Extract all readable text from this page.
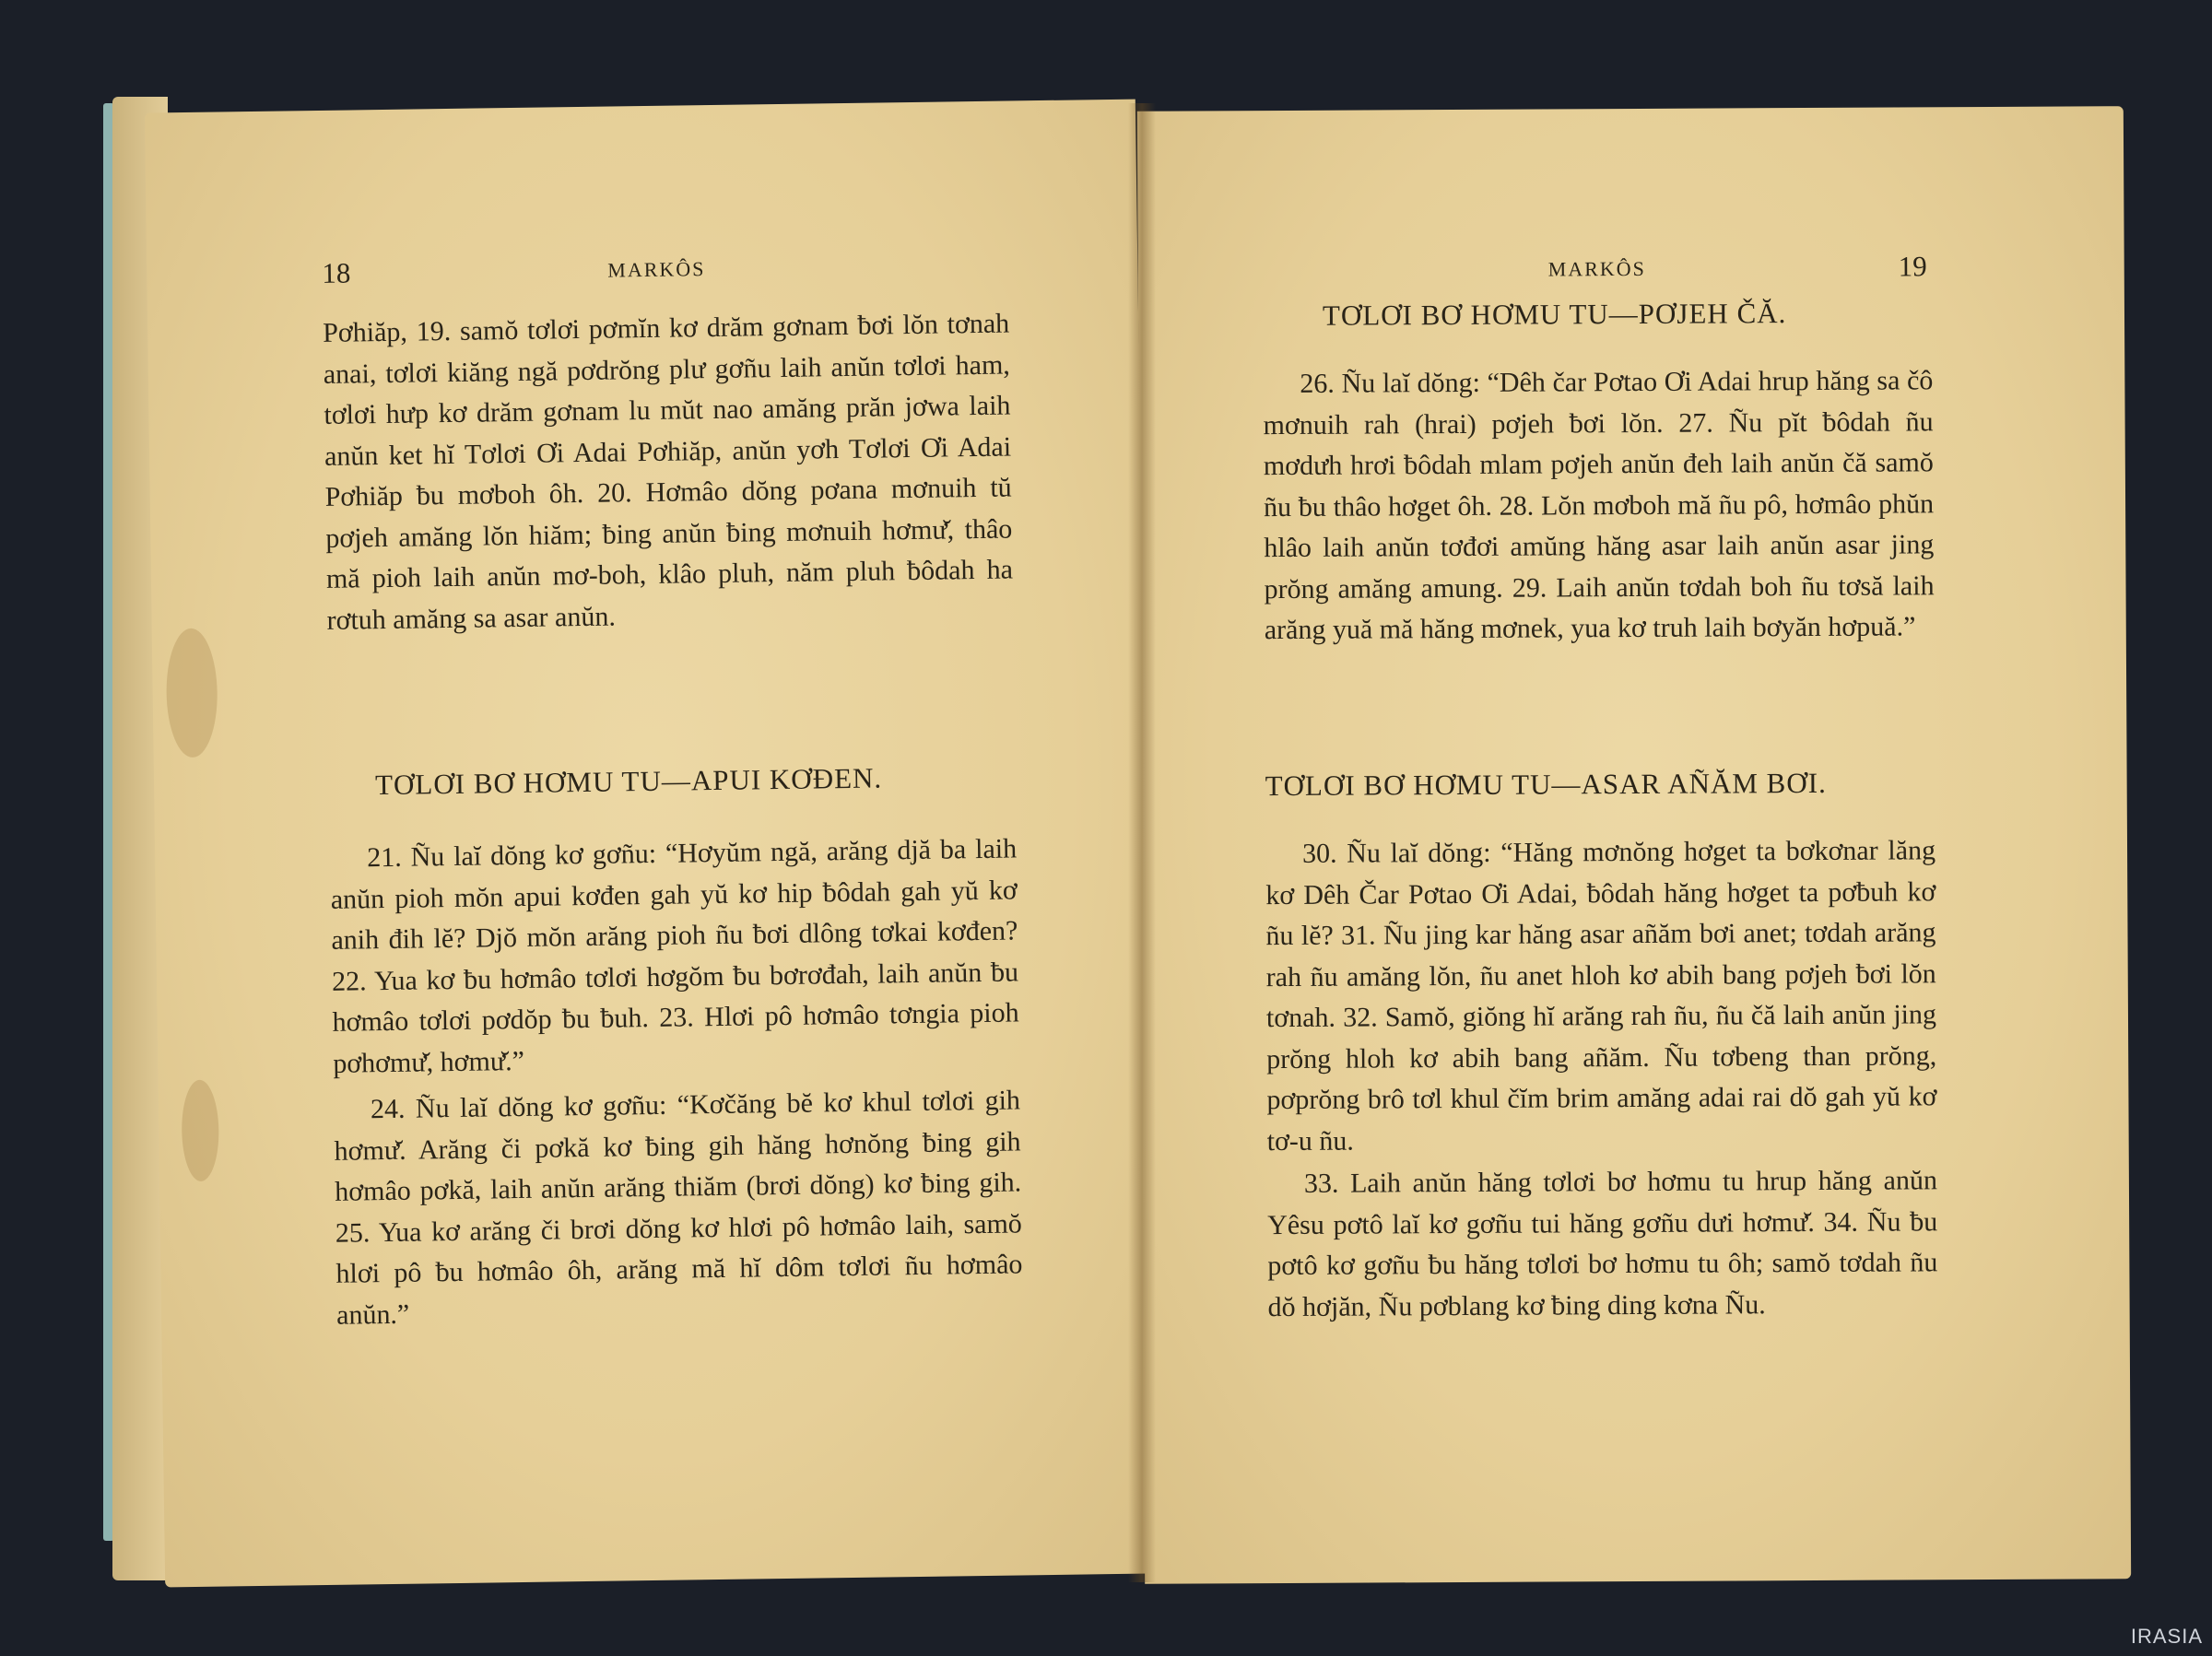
18	MARKÔS

Pơhiăp, 19. samŏ tơlơi pơmĭn kơ drăm gơnam ƀơi lŏn tơnah anai, tơlơi kiăng ngă pơdrŏng plư gơñu laih anŭn tơlơi ham, tơlơi hưp kơ drăm gơnam lu mŭt nao amăng prăn jơwa laih anŭn ket hĭ Tơlơi Ơi Adai Pơhiăp, anŭn yơh Tơlơi Ơi Adai Pơhiăp ƀu mơboh ôh. 20. Hơmâo dŏng pơana mơnuih tŭ pơjeh amăng lŏn hiăm; ƀing anŭn ƀing mơnuih hơmư̆, thâo mă pioh laih anŭn mơ-boh, klâo pluh, năm pluh ƀôdah ha rơtuh amăng sa asar anŭn.

TƠLƠI BƠ HƠMU TU—APUI KƠĐEN.

21. Ñu laĭ dŏng kơ gơñu: “Hơyŭm ngă, arăng djă ba laih anŭn pioh mŏn apui kơđen gah yŭ kơ hip ƀôdah gah yŭ kơ anih đih lĕ? Djŏ mŏn arăng pioh ñu ƀơi dlông tơkai kơđen? 22. Yua kơ ƀu hơmâo tơlơi hơgŏm ƀu bơrơđah, laih anŭn ƀu hơmâo tơlơi pơdŏp ƀu ƀuh. 23. Hlơi pô hơmâo tơngia pioh pơhơmư̆, hơmư̆.”

24. Ñu laĭ dŏng kơ gơñu: “Kơčăng bĕ kơ khul tơlơi gih hơmư̆. Arăng či pơkă kơ ƀing gih hăng hơnŏng ƀing gih hơmâo pơkă, laih anŭn arăng thiăm (brơi dŏng) kơ ƀing gih. 25. Yua kơ arăng či brơi dŏng kơ hlơi pô hơmâo laih, samŏ hlơi pô ƀu hơmâo ôh, arăng mă hĭ dôm tơlơi ñu hơmâo anŭn.”

MARKÔS	19
TƠLƠI BƠ HƠMU TU—PƠJEH ČĂ.

26. Ñu laĭ dŏng: “Dêh čar Pơtao Ơi Adai hrup hăng sa čô mơnuih rah (hrai) pơjeh ƀơi lŏn. 27. Ñu pĭt ƀôdah ñu mơdưh hrơi ƀôdah mlam pơjeh anŭn đeh laih anŭn čă samŏ ñu ƀu thâo hơget ôh. 28. Lŏn mơboh mă ñu pô, hơmâo phŭn hlâo laih anŭn tơđơi amŭng hăng asar laih anŭn asar jing prŏng amăng amung. 29. Laih anŭn tơdah boh ñu tơsă laih arăng yuă mă hăng mơnek, yua kơ truh laih bơyăn hơpuă.”

TƠLƠI BƠ HƠMU TU—ASAR AÑĂM BƠI.

30. Ñu laĭ dŏng: “Hăng mơnŏng hơget ta bơkơnar lăng kơ Dêh Čar Pơtao Ơi Adai, ƀôdah hăng hơget ta pơƀuh kơ ñu lĕ? 31. Ñu jing kar hăng asar añăm bơi anet; tơdah arăng rah ñu amăng lŏn, ñu anet hloh kơ abih bang pơjeh ƀơi lŏn tơnah. 32. Samŏ, giŏng hĭ arăng rah ñu, ñu čă laih anŭn jing prŏng hloh kơ abih bang añăm. Ñu tơbeng than prŏng, pơprŏng brô tơl khul čĭm brim amăng adai rai dŏ gah yŭ kơ tơ-u ñu.

33. Laih anŭn hăng tơlơi bơ hơmu tu hrup hăng anŭn Yêsu pơtô laĭ kơ gơñu tui hăng gơñu dưi hơmư̆. 34. Ñu ƀu pơtô kơ gơñu ƀu hăng tơlơi bơ hơmu tu ôh; samŏ tơdah ñu dŏ hơjăn, Ñu pơblang kơ ƀing ding kơna Ñu.

IRASIA
